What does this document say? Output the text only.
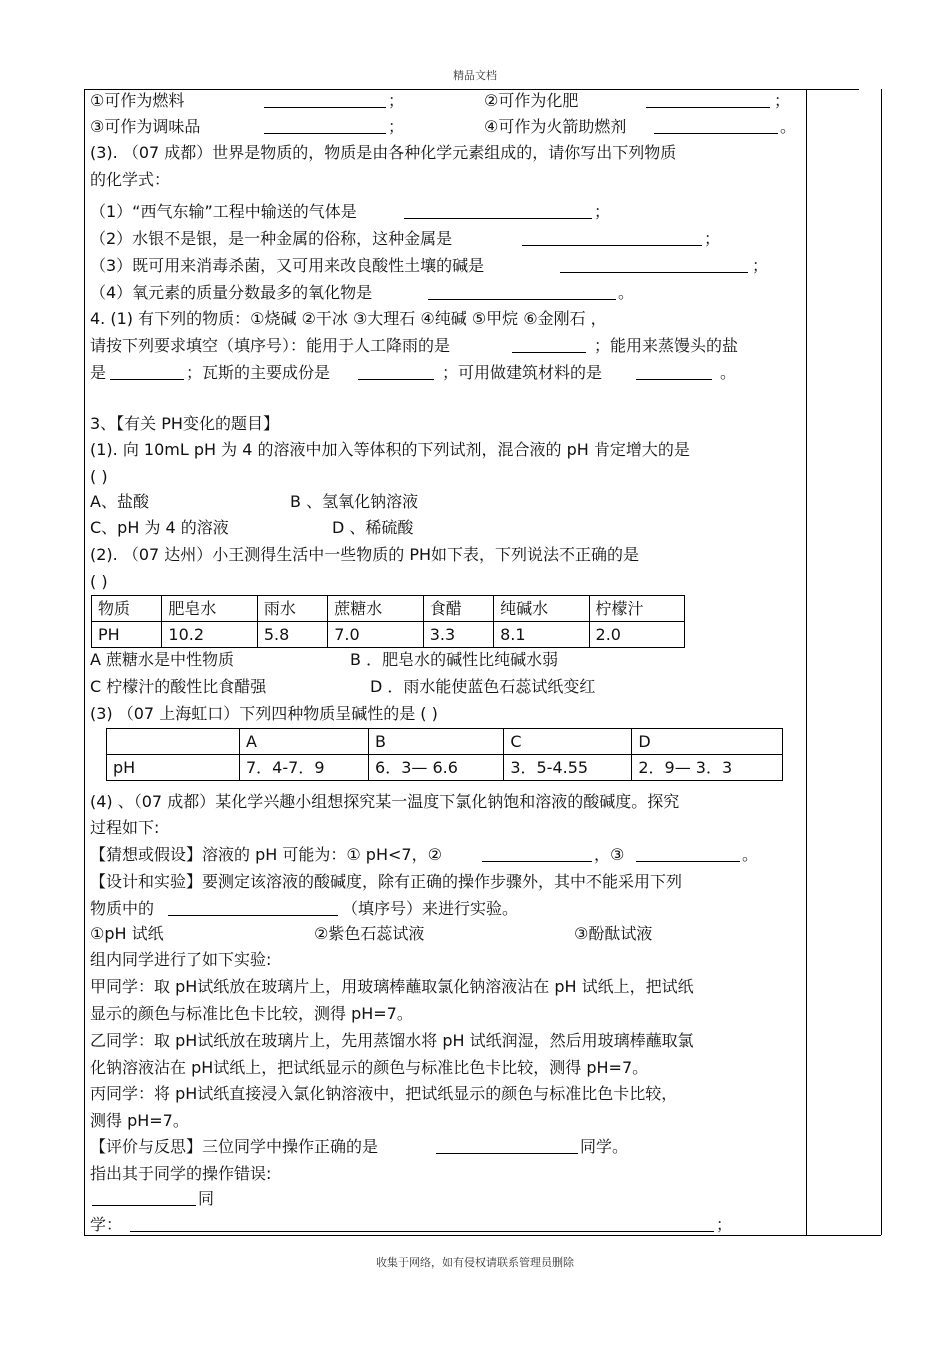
精品文档
①可作为燃料	；	②可作为化肥	；
③可作为调味品	；	④可作为火箭助燃剂	。
(3). （07 成都）世界是物质的，物质是由各种化学元素组成的，请你写出下列物质
的化学式：
（1）“西气东输”工程中输送的气体是	；
（2）水银不是银，是一种金属的俗称，这种金属是	；
（3）既可用来消毒杀菌，又可用来改良酸性土壤的碱是	；
（4）氧元素的质量分数最多的氧化物是	。
4. (1) 有下列的物质：①烧碱 ②干冰 ③大理石 ④纯碱 ⑤甲烷 ⑥金刚石 ，
请按下列要求填空（填序号）：能用于人工降雨的是	；能用来蒸馒头的盐
是	；瓦斯的主要成份是	；可用做建筑材料的是	。
3、【有关 PH变化的题目】
(1). 向 10mL pH 为 4 的溶液中加入等体积的下列试剂，混合液的 pH 肯定增大的是
( )
A、盐酸	B 、氢氧化钠溶液
C、pH 为 4 的溶液	D 、稀硫酸
(2). （07 达州）小王测得生活中一些物质的 PH如下表，下列说法不正确的是
( )
物质	肥皂水	雨水	蔗糖水	食醋	纯碱水	柠檬汁
PH	10.2	5.8	7.0	3.3	8.1	2.0
A 蔗糖水是中性物质	B ．肥皂水的碱性比纯碱水弱
C 柠檬汁的酸性比食醋强	D ．雨水能使蓝色石蕊试纸变红
(3) （07 上海虹口）下列四种物质呈碱性的是 ( )
	A	B	C	D
pH	7．4-7．9	6．3— 6.6	3．5-4.55	2．9— 3．3
(4) 、（07 成都）某化学兴趣小组想探究某一温度下氯化钠饱和溶液的酸碱度。探究
过程如下:
【猜想或假设】溶液的 pH 可能为：① pH<7，②	，③	。
【设计和实验】要测定该溶液的酸碱度，除有正确的操作步骤外，其中不能采用下列
物质中的	（填序号）来进行实验。
①pH 试纸	②紫色石蕊试液	③酚酞试液
组内同学进行了如下实验:
甲同学：取 pH试纸放在玻璃片上，用玻璃棒蘸取氯化钠溶液沾在 pH 试纸上，把试纸
显示的颜色与标准比色卡比较，测得 pH=7。
乙同学：取 pH试纸放在玻璃片上，先用蒸馏水将 pH 试纸润湿，然后用玻璃棒蘸取氯
化钠溶液沾在 pH试纸上，把试纸显示的颜色与标准比色卡比较，测得 pH=7。
丙同学：将 pH试纸直接浸入氯化钠溶液中，把试纸显示的颜色与标准比色卡比较，
测得 pH=7。
【评价与反思】三位同学中操作正确的是	同学。
指出其于同学的操作错误:
同
学：	；
收集于网络，如有侵权请联系管理员删除
